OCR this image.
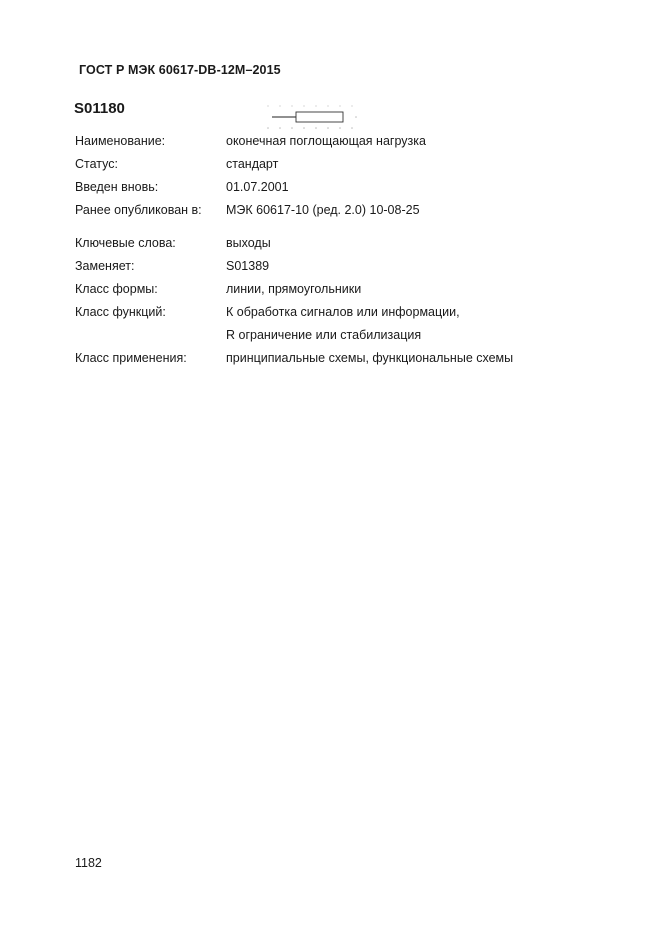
ГОСТ Р МЭК 60617-DB-12M–2015
S01180
Наименование:	оконечная поглощающая нагрузка
Статус:	стандарт
Введен вновь:	01.07.2001
Ранее опубликован в:	МЭК 60617-10 (ред. 2.0) 10-08-25
Ключевые слова:	выходы
Заменяет:	S01389
Класс формы:	линии, прямоугольники
Класс функций:	К обработка сигналов или информации,
R ограничение или стабилизация
Класс применения:	принципиальные схемы, функциональные схемы
1182
